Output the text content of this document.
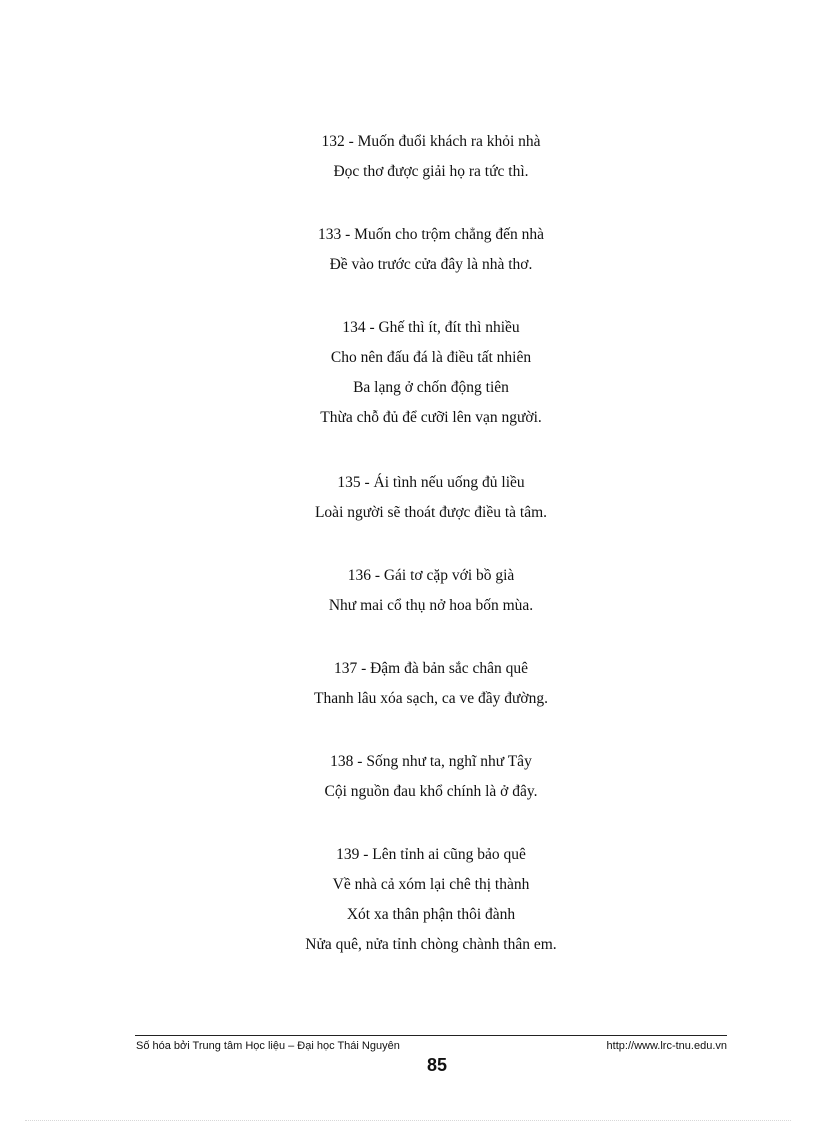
132 - Muốn đuổi khách ra khỏi nhà
Đọc thơ được giải họ ra tức thì.
133 - Muốn cho trộm chẳng đến nhà
Đề vào trước cửa đây là nhà thơ.
134 - Ghế thì ít, đít thì nhiều
Cho nên đấu đá là điều tất nhiên
Ba lạng ở chốn động tiên
Thừa chỗ đủ để cưỡi lên vạn người.
135 - Ái tình nếu uống đủ liều
Loài người sẽ thoát được điều tà tâm.
136 - Gái tơ cặp với bồ già
Như mai cổ thụ nở hoa bốn mùa.
137 - Đậm đà bản sắc chân quê
Thanh lâu xóa sạch, ca ve đầy đường.
138 - Sống như ta, nghĩ như Tây
Cội nguồn đau khổ chính là ở đây.
139 - Lên tỉnh ai cũng bảo quê
Về nhà cả xóm lại chê thị thành
Xót xa thân phận thôi đành
Nửa quê, nửa tỉnh chòng chành thân em.
Số hóa bởi Trung tâm Học liệu – Đại học Thái Nguyên	http://www.lrc-tnu.edu.vn
85
